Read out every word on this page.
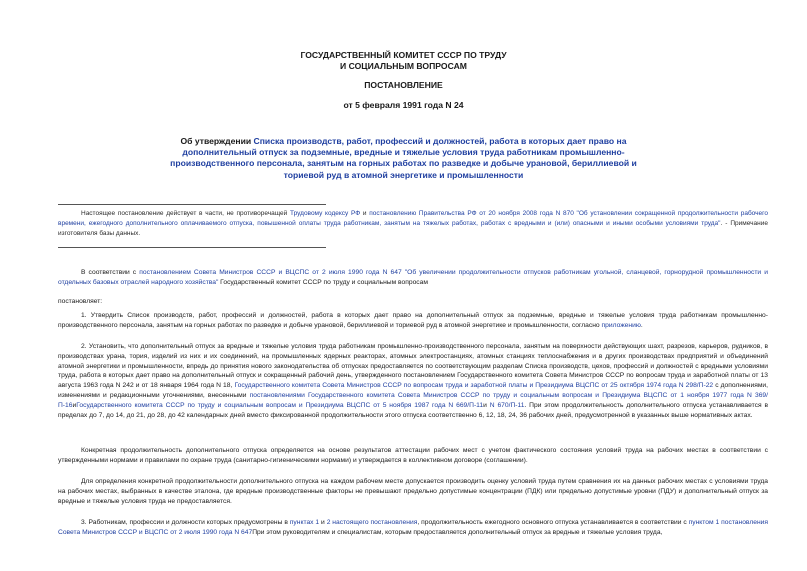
ГОСУДАРСТВЕННЫЙ КОМИТЕТ СССР ПО ТРУДУ
И СОЦИАЛЬНЫМ ВОПРОСАМ
ПОСТАНОВЛЕНИЕ
от 5 февраля 1991 года N 24
Об утверждении Списка производств, работ, профессий и должностей, работа в которых дает право на дополнительный отпуск за подземные, вредные и тяжелые условия труда работникам промышленно-производственного персонала, занятым на горных работах по разведке и добыче урановой, бериллиевой и ториевой руд в атомной энергетике и промышленности
Настоящее постановление действует в части, не противоречащей Трудовому кодексу РФ и постановлению Правительства РФ от 20 ноября 2008 года N 870 "Об установлении сокращенной продолжительности рабочего времени, ежегодного дополнительного оплачиваемого отпуска, повышенной оплаты труда работникам, занятым на тяжелых работах, работах с вредными и (или) опасными и иными особыми условиями труда". - Примечание изготовителя базы данных.
В соответствии с постановлением Совета Министров СССР и ВЦСПС от 2 июля 1990 года N 647 "Об увеличении продолжительности отпусков работникам угольной, сланцевой, горнорудной промышленности и отдельных базовых отраслей народного хозяйства" Государственный комитет СССР по труду и социальным вопросам
постановляет:
1. Утвердить Список производств, работ, профессий и должностей, работа в которых дает право на дополнительный отпуск за подземные, вредные и тяжелые условия труда работникам промышленно-производственного персонала, занятым на горных работах по разведке и добыче урановой, бериллиевой и ториевой руд в атомной энергетике и промышленности, согласно приложению.
2. Установить, что дополнительный отпуск за вредные и тяжелые условия труда работникам промышленно-производственного персонала, занятым на поверхности действующих шахт, разрезов, карьеров, рудников, в производствах урана, тория, изделий из них и их соединений, на промышленных ядерных реакторах, атомных электростанциях, атомных станциях теплоснабжения и в других производствах предприятий и объединений атомной энергетики и промышленности, впредь до принятия нового законодательства об отпусках предоставляется по соответствующим разделам Списка производств, цехов, профессий и должностей с вредными условиями труда, работа в которых дает право на дополнительный отпуск и сокращенный рабочий день, утвержденного постановлением Государственного комитета Совета Министров СССР по вопросам труда и заработной платы от 13 августа 1963 года N 242 и от 18 января 1964 года N 18, Государственного комитета Совета Министров СССР по вопросам труда и заработной платы и Президиума ВЦСПС от 25 октября 1974 года N 298/П-22 с дополнениями, изменениями и редакционными уточнениями, внесенными постановлениями Государственного комитета Совета Министров СССР по труду и социальным вопросам и Президиума ВЦСПС от 1 ноября 1977 года N 369/П-16иГосударственного комитета СССР по труду и социальным вопросам и Президиума ВЦСПС от 5 ноября 1987 года N 669/П-11и N 670/П-11. При этом продолжительность дополнительного отпуска устанавливается в пределах до 7, до 14, до 21, до 28, до 42 календарных дней вместо фиксированной продолжительности этого отпуска соответственно 6, 12, 18, 24, 36 рабочих дней, предусмотренной в указанных выше нормативных актах.
Конкретная продолжительность дополнительного отпуска определяется на основе результатов аттестации рабочих мест с учетом фактического состояния условий труда на рабочих местах в соответствии с утвержденными нормами и правилами по охране труда (санитарно-гигиеническими нормами) и утверждается в коллективном договоре (соглашении).
Для определения конкретной продолжительности дополнительного отпуска на каждом рабочем месте допускается производить оценку условий труда путем сравнения их на данных рабочих местах с условиями труда на рабочих местах, выбранных в качестве эталона, где вредные производственные факторы не превышают предельно допустимые концентрации (ПДК) или предельно допустимые уровни (ПДУ) и дополнительный отпуск за вредные и тяжелые условия труда не предоставляется.
3. Работникам, профессии и должности которых предусмотрены в пунктах 1 и 2 настоящего постановления, продолжительность ежегодного основного отпуска устанавливается в соответствии с пунктом 1 постановления Совета Министров СССР и ВЦСПС от 2 июля 1990 года N 647При этом руководителям и специалистам, которым предоставляется дополнительный отпуск за вредные и тяжелые условия труда,
